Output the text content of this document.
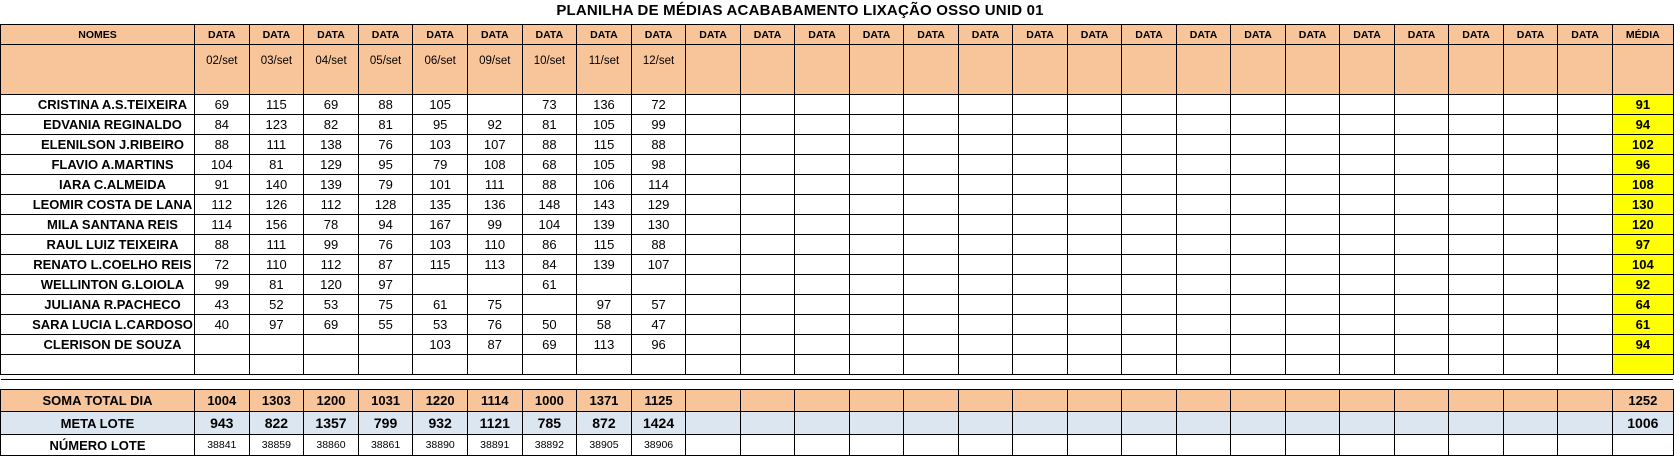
PLANILHA DE MÉDIAS ACABABAMENTO LIXAÇÃO OSSO UNID 01
NOMES	DATA	DATA	DATA	DATA	DATA	DATA	DATA	DATA	DATA	DATA	DATA	DATA	DATA	DATA	DATA	DATA	DATA	DATA	DATA	DATA	DATA	DATA	DATA	DATA	DATA	DATA	MÉDIA
	02/set	03/set	04/set	05/set	06/set	09/set	10/set	11/set	12/set																		
CRISTINA A.S.TEIXEIRA	69	115	69	88	105		73	136	72																		91
EDVANIA REGINALDO	84	123	82	81	95	92	81	105	99																		94
ELENILSON J.RIBEIRO	88	111	138	76	103	107	88	115	88																		102
FLAVIO A.MARTINS	104	81	129	95	79	108	68	105	98																		96
IARA C.ALMEIDA	91	140	139	79	101	111	88	106	114																		108
LEOMIR COSTA DE LANA	112	126	112	128	135	136	148	143	129																		130
MILA SANTANA REIS	114	156	78	94	167	99	104	139	130																		120
RAUL LUIZ TEIXEIRA	88	111	99	76	103	110	86	115	88																		97
RENATO L.COELHO REIS	72	110	112	87	115	113	84	139	107																		104
WELLINTON G.LOIOLA	99	81	120	97			61																				92
JULIANA R.PACHECO	43	52	53	75	61	75		97	57																		64
SARA LUCIA L.CARDOSO	40	97	69	55	53	76	50	58	47																		61
CLERISON DE SOUZA					103	87	69	113	96																		94

SOMA TOTAL DIA	1004	1303	1200	1031	1220	1114	1000	1371	1125																		1252
META LOTE	943	822	1357	799	932	1121	785	872	1424																		1006
NÚMERO LOTE	38841	38859	38860	38861	38890	38891	38892	38905	38906																		
